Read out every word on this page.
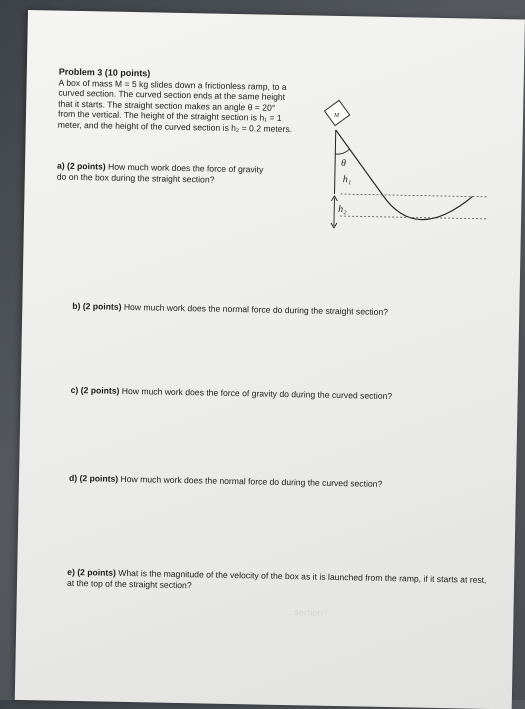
Problem 3 (10 points)
A box of mass M = 5 kg slides down a frictionless ramp, to a curved section. The curved section ends at the same height that it starts. The straight section makes an angle θ = 20° from the vertical. The height of the straight section is h₁ = 1 meter, and the height of the curved section is h₂ = 0.2 meters.
a) (2 points) How much work does the force of gravity do on the box during the straight section?
M
θ
h₁
h₂
b) (2 points) How much work does the normal force do during the straight section?
c) (2 points) How much work does the force of gravity do during the curved section?
d) (2 points) How much work does the normal force do during the curved section?
e) (2 points) What is the magnitude of the velocity of the box as it is launched from the ramp, if it starts at rest, at the top of the straight section?
...section?
